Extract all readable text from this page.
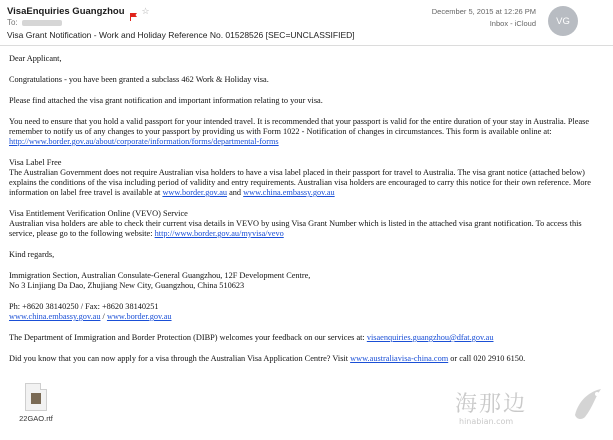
VisaEnquiries Guangzhou ☆
To:
Visa Grant Notification - Work and Holiday Reference No. 01528526 [SEC=UNCLASSIFIED]
December 5, 2015 at 12:26 PM
Inbox - iCloud	VG

Dear Applicant,

Congratulations - you have been granted a subclass 462 Work & Holiday visa.

Please find attached the visa grant notification and important information relating to your visa.

You need to ensure that you hold a valid passport for your intended travel. It is recommended that your passport is valid for the entire duration of your stay in Australia. Please remember to notify us of any changes to your passport by providing us with Form 1022 - Notification of changes in circumstances. This form is available online at: http://www.border.gov.au/about/corporate/information/forms/departmental-forms

Visa Label Free
The Australian Government does not require Australian visa holders to have a visa label placed in their passport for travel to Australia. The visa grant notice (attached below) explains the conditions of the visa including period of validity and entry requirements. Australian visa holders are encouraged to carry this notice for their own reference. More information on label free travel is available at www.border.gov.au and www.china.embassy.gov.au

Visa Entitlement Verification Online (VEVO) Service
Australian visa holders are able to check their current visa details in VEVO by using Visa Grant Number which is listed in the attached visa grant notification. To access this service, please go to the following website: http://www.border.gov.au/myvisa/vevo

Kind regards,

Immigration Section, Australian Consulate-General Guangzhou, 12F Development Centre,
No 3 Linjiang Da Dao, Zhujiang New City, Guangzhou, China 510623

Ph: +8620 38140250 / Fax: +8620 38140251
www.china.embassy.gov.au / www.border.gov.au

The Department of Immigration and Border Protection (DIBP) welcomes your feedback on our services at: visaenquiries.guangzhou@dfat.gov.au

Did you know that you can now apply for a visa through the Australian Visa Application Centre? Visit www.australiavisa-china.com or call 020 2910 6150.

22GAO.rtf
海那边
hinabian.com
